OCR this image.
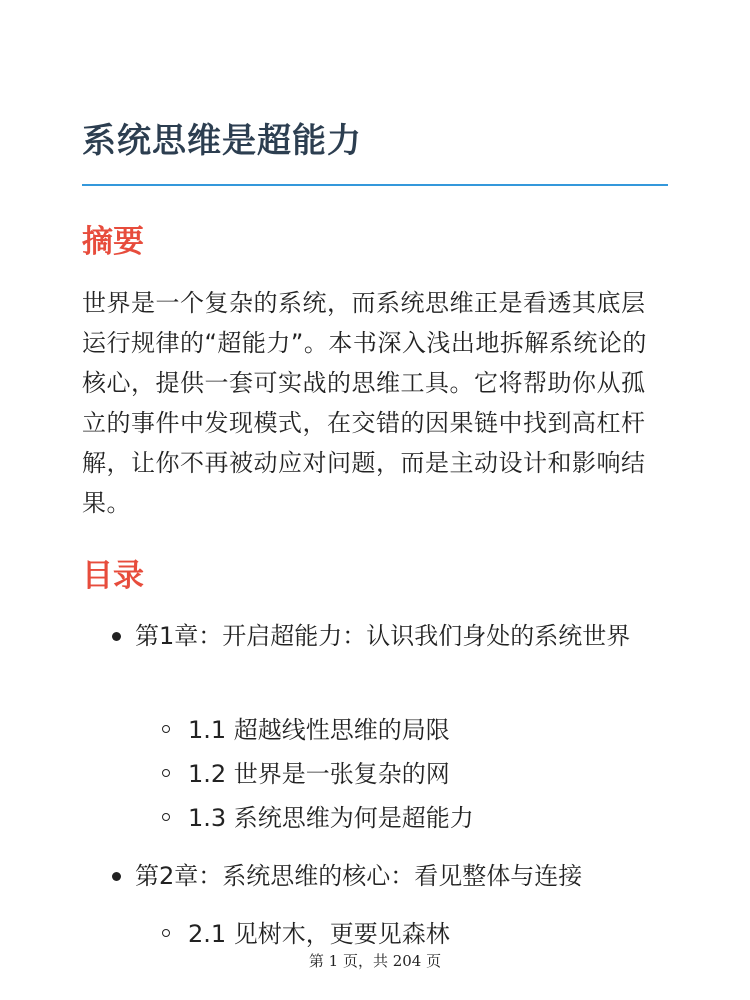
系统思维是超能力
摘要

世界是一个复杂的系统，而系统思维正是看透其底层运行规律的“超能力”。本书深入浅出地拆解系统论的核心，提供一套可实战的思维工具。它将帮助你从孤立的事件中发现模式，在交错的因果链中找到高杠杆解，让你不再被动应对问题，而是主动设计和影响结果。

目录
第1章：开启超能力：认识我们身处的系统世界
1.1 超越线性思维的局限
1.2 世界是一张复杂的网
1.3 系统思维为何是超能力
第2章：系统思维的核心：看见整体与连接
2.1 见树木，更要见森林
第 1 页，共 204 页
